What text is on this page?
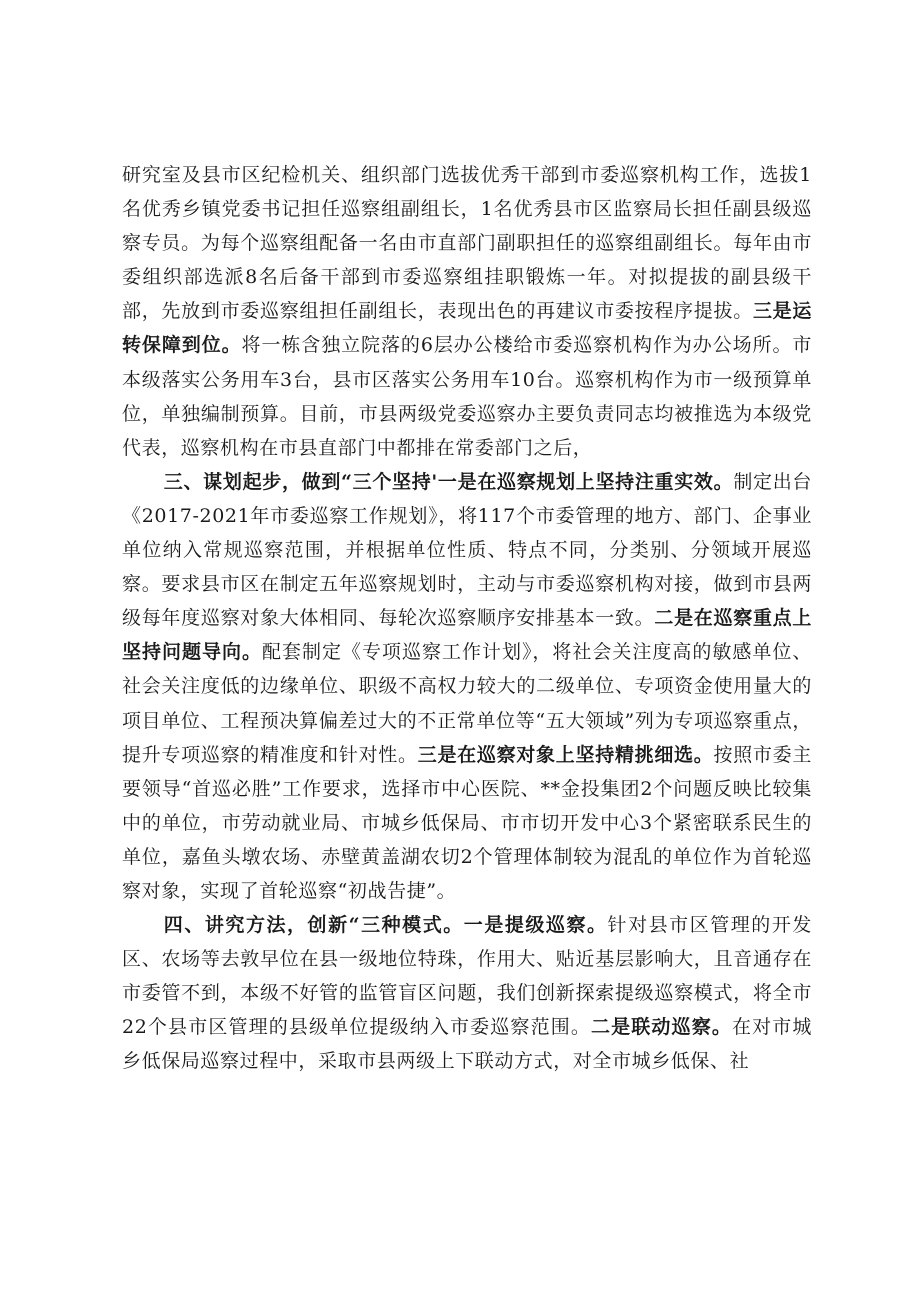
研究室及县市区纪检机关、组织部门选拔优秀干部到市委巡察机构工作，选拔1名优秀乡镇党委书记担任巡察组副组长，1名优秀县市区监察局长担任副县级巡察专员。为每个巡察组配备一名由市直部门副职担任的巡察组副组长。每年由市委组织部选派8名后备干部到市委巡察组挂职锻炼一年。对拟提拔的副县级干部，先放到市委巡察组担任副组长，表现出色的再建议市委按程序提拔。三是运转保障到位。将一栋含独立院落的6层办公楼给市委巡察机构作为办公场所。市本级落实公务用车3台，县市区落实公务用车10台。巡察机构作为市一级预算单位，单独编制预算。目前，市县两级党委巡察办主要负责同志均被推选为本级党代表，巡察机构在市县直部门中都排在常委部门之后，

三、谋划起步，做到“三个坚持'一是在巡察规划上坚持注重实效。制定出台《2017-2021年市委巡察工作规划》，将117个市委管理的地方、部门、企事业单位纳入常规巡察范围，并根据单位性质、特点不同，分类别、分领域开展巡察。要求县市区在制定五年巡察规划时，主动与市委巡察机构对接，做到市县两级每年度巡察对象大体相同、每轮次巡察顺序安排基本一致。二是在巡察重点上坚持问题导向。配套制定《专项巡察工作计划》，将社会关注度高的敏感单位、社会关注度低的边缘单位、职级不高权力较大的二级单位、专项资金使用量大的项目单位、工程预决算偏差过大的不正常单位等“五大领域”列为专项巡察重点，提升专项巡察的精准度和针对性。三是在巡察对象上坚持精挑细选。按照市委主要领导“首巡必胜”工作要求，选择市中心医院、**金投集团2个问题反映比较集中的单位，市劳动就业局、市城乡低保局、市市切开发中心3个紧密联系民生的单位，嘉鱼头墩农场、赤壁黄盖湖农切2个管理体制较为混乱的单位作为首轮巡察对象，实现了首轮巡察“初战告捷”。

四、讲究方法，创新“三种模式。一是提级巡察。针对县市区管理的开发区、农场等去敦早位在县一级地位特珠，作用大、贴近基层影响大，且音通存在市委管不到，本级不好管的监管盲区问题，我们创新探索提级巡察模式，将全市22个县市区管理的县级单位提级纳入市委巡察范围。二是联动巡察。在对市城乡低保局巡察过程中，采取市县两级上下联动方式，对全市城乡低保、社
